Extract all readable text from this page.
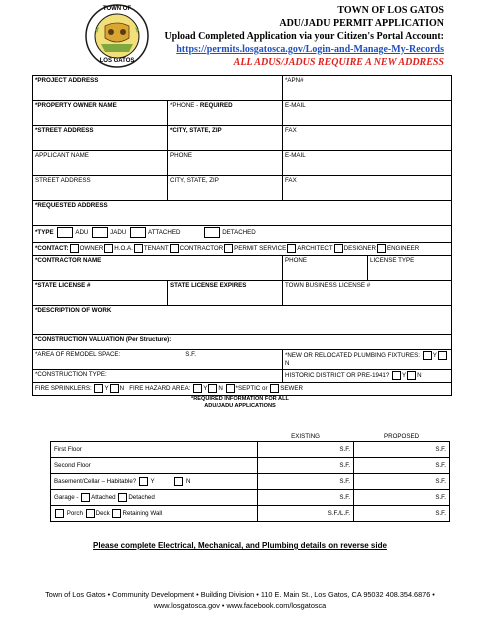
TOWN OF
LOS GATOS
TOWN OF LOS GATOS
ADU/JADU PERMIT APPLICATION
Upload Completed Application via your Citizen's Portal Account:
https://permits.losgatosca.gov/Login-and-Manage-My-Records
ALL ADUS/JADUS REQUIRE A NEW ADDRESS
*PROJECT ADDRESS		*APN#	
*PROPERTY OWNER NAME	*PHONE - REQUIRED	E-MAIL	
*STREET ADDRESS	*CITY, STATE, ZIP	FAX	
APPLICANT NAME	PHONE	E-MAIL	
STREET ADDRESS	CITY, STATE, ZIP	FAX	
*REQUESTED ADDRESS			
*TYPE ADU JADU ATTACHED DETACHED			
*CONTACT: OWNER H.O.A. TENANT CONTRACTOR PERMIT SERVICE ARCHITECT DESIGNER ENGINEER			
*CONTRACTOR NAME		PHONE	LICENSE TYPE
*STATE LICENSE #	STATE LICENSE EXPIRES	TOWN BUSINESS LICENSE #	
*DESCRIPTION OF WORK			
*CONSTRUCTION VALUATION (Per Structure):			
*AREA OF REMODEL SPACE: S.F.		*NEW OR RELOCATED PLUMBING FIXTURES: YN	
*CONSTRUCTION TYPE:		HISTORIC DISTRICT OR PRE-1941? Y N	
FIRE SPRINKLERS: Y N FIRE HAZARD AREA: Y N *SEPTIC or SEWER			
*REQUIRED INFORMATION FOR ALL
ADU/JADU APPLICATIONS
	EXISTING	PROPOSED
First Floor	S.F.	S.F.
Second Floor	S.F.	S.F.
Basement/Cellar – Habitable? Y N	S.F.	S.F.
Garage - Attached Detached	S.F.	S.F.
Porch Deck Retaining Wall	S.F./L.F.	S.F.
Please complete Electrical, Mechanical, and Plumbing details on reverse side
Town of Los Gatos • Community Development • Building Division • 110 E. Main St., Los Gatos, CA 95032 408.354.6876 •
www.losgatosca.gov • www.facebook.com/losgatosca
